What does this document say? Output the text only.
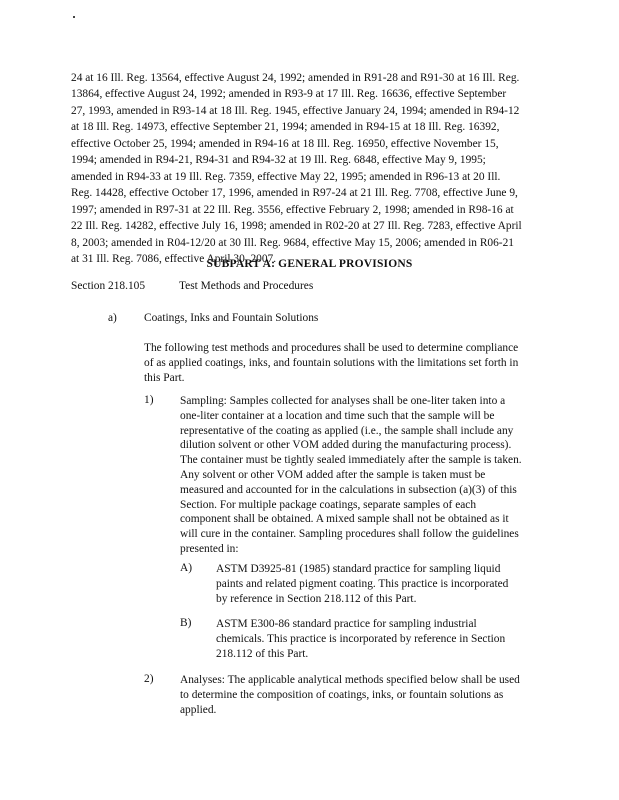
24 at 16 Ill. Reg. 13564, effective August 24, 1992; amended in R91-28 and R91-30 at 16 Ill. Reg. 13864, effective August 24, 1992; amended in R93-9 at 17 Ill. Reg. 16636, effective September 27, 1993, amended in R93-14 at 18 Ill. Reg. 1945, effective January 24, 1994; amended in R94-12 at 18 Ill. Reg. 14973, effective September 21, 1994; amended in R94-15 at 18 Ill. Reg. 16392, effective October 25, 1994; amended in R94-16 at 18 Ill. Reg. 16950, effective November 15, 1994; amended in R94-21, R94-31 and R94-32 at 19 Ill. Reg. 6848, effective May 9, 1995; amended in R94-33 at 19 Ill. Reg. 7359, effective May 22, 1995; amended in R96-13 at 20 Ill. Reg. 14428, effective October 17, 1996, amended in R97-24 at 21 Ill. Reg. 7708, effective June 9, 1997; amended in R97-31 at 22 Ill. Reg. 3556, effective February 2, 1998; amended in R98-16 at 22 Ill. Reg. 14282, effective July 16, 1998; amended in R02-20 at 27 Ill. Reg. 7283, effective April 8, 2003; amended in R04-12/20 at 30 Ill. Reg. 9684, effective May 15, 2006; amended in R06-21 at 31 Ill. Reg. 7086, effective April 30, 2007.

SUBPART A: GENERAL PROVISIONS

Section 218.105	Test Methods and Procedures

a) Coatings, Inks and Fountain Solutions

The following test methods and procedures shall be used to determine compliance of as applied coatings, inks, and fountain solutions with the limitations set forth in this Part.

1) Sampling: Samples collected for analyses shall be one-liter taken into a one-liter container at a location and time such that the sample will be representative of the coating as applied (i.e., the sample shall include any dilution solvent or other VOM added during the manufacturing process). The container must be tightly sealed immediately after the sample is taken. Any solvent or other VOM added after the sample is taken must be measured and accounted for in the calculations in subsection (a)(3) of this Section. For multiple package coatings, separate samples of each component shall be obtained. A mixed sample shall not be obtained as it will cure in the container. Sampling procedures shall follow the guidelines presented in:

A) ASTM D3925-81 (1985) standard practice for sampling liquid paints and related pigment coating. This practice is incorporated by reference in Section 218.112 of this Part.

B) ASTM E300-86 standard practice for sampling industrial chemicals. This practice is incorporated by reference in Section 218.112 of this Part.

2) Analyses: The applicable analytical methods specified below shall be used to determine the composition of coatings, inks, or fountain solutions as applied.
